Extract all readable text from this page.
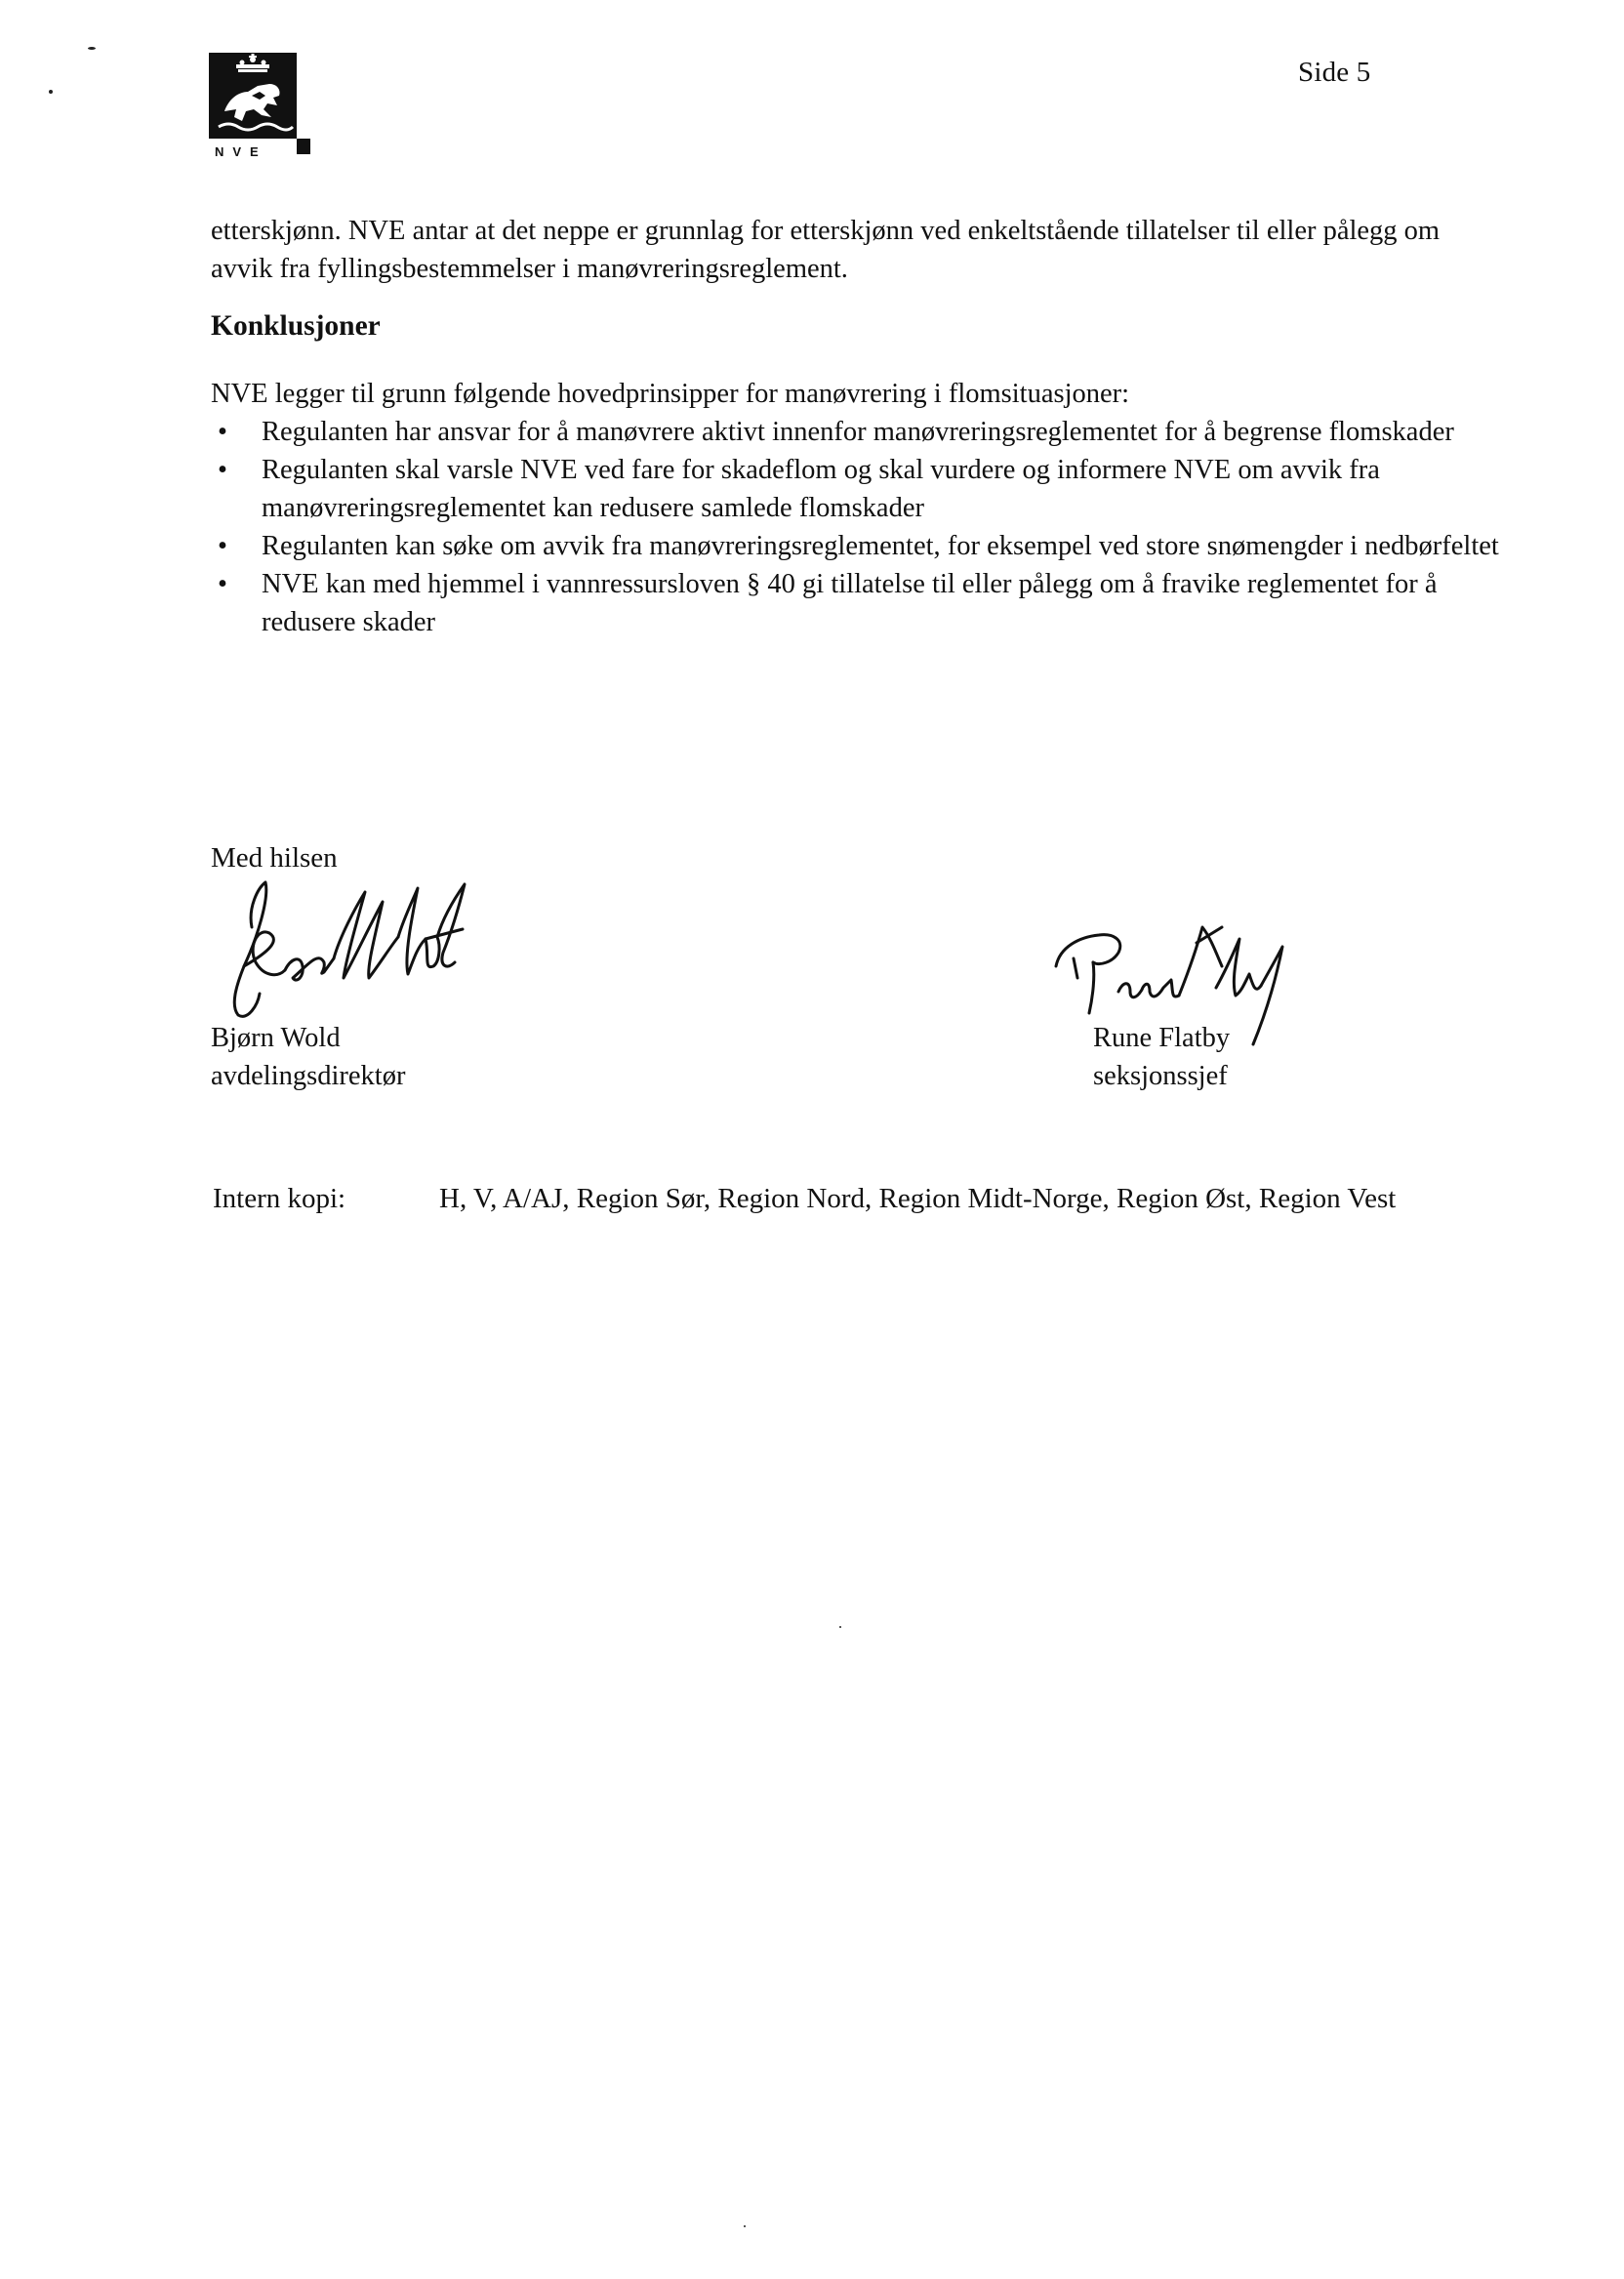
NVE
Side 5

etterskjønn. NVE antar at det neppe er grunnlag for etterskjønn ved enkeltstående tillatelser til eller pålegg om avvik fra fyllingsbestemmelser i manøvreringsreglement.

Konklusjoner

NVE legger til grunn følgende hovedprinsipper for manøvrering i flomsituasjoner:

• Regulanten har ansvar for å manøvrere aktivt innenfor manøvreringsreglementet for å begrense flomskader
• Regulanten skal varsle NVE ved fare for skadeflom og skal vurdere og informere NVE om avvik fra manøvreringsreglementet kan redusere samlede flomskader
• Regulanten kan søke om avvik fra manøvreringsreglementet, for eksempel ved store snømengder i nedbørfeltet
• NVE kan med hjemmel i vannressursloven § 40 gi tillatelse til eller pålegg om å fravike reglementet for å redusere skader

Med hilsen

Bjørn Wold
avdelingsdirektør
Rune Flatby
seksjonssjef
Intern kopi:	H, V, A/AJ, Region Sør, Region Nord, Region Midt-Norge, Region Øst, Region Vest
